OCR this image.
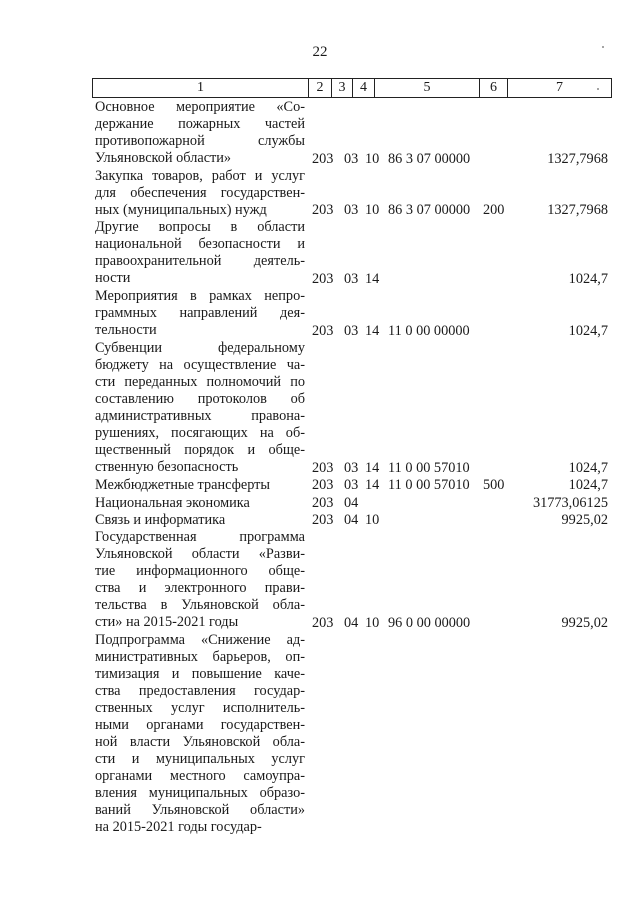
22
1	2	3	4	5	6	7
Основное мероприятие «Со-
держание пожарных частей
противопожарной службы
Ульяновской области»	203 03 10 86 3 07 00000	1327,7968
Закупка товаров, работ и услуг
для обеспечения государствен-
ных (муниципальных) нужд	203 03 10 86 3 07 00000 200	1327,7968
Другие вопросы в области
национальной безопасности и
правоохранительной деятель-
ности	203 03 14	1024,7
Мероприятия в рамках непро-
граммных направлений дея-
тельности	203 03 14 11 0 00 00000	1024,7
Субвенции федеральному
бюджету на осуществление ча-
сти переданных полномочий по
составлению протоколов об
административных правона-
рушениях, посягающих на об-
щественный порядок и обще-
ственную безопасность	203 03 14 11 0 00 57010	1024,7
Межбюджетные трансферты	203 03 14 11 0 00 57010 500	1024,7
Национальная экономика	203 04	31773,06125
Связь и информатика	203 04 10	9925,02
Государственная программа
Ульяновской области «Разви-
тие информационного обще-
ства и электронного прави-
тельства в Ульяновской обла-
сти» на 2015-2021 годы	203 04 10 96 0 00 00000	9925,02
Подпрограмма «Снижение ад-
министративных барьеров, оп-
тимизация и повышение каче-
ства предоставления государ-
ственных услуг исполнитель-
ными органами государствен-
ной власти Ульяновской обла-
сти и муниципальных услуг
органами местного самоупра-
вления муниципальных образо-
ваний Ульяновской области»
на 2015-2021 годы государ-
